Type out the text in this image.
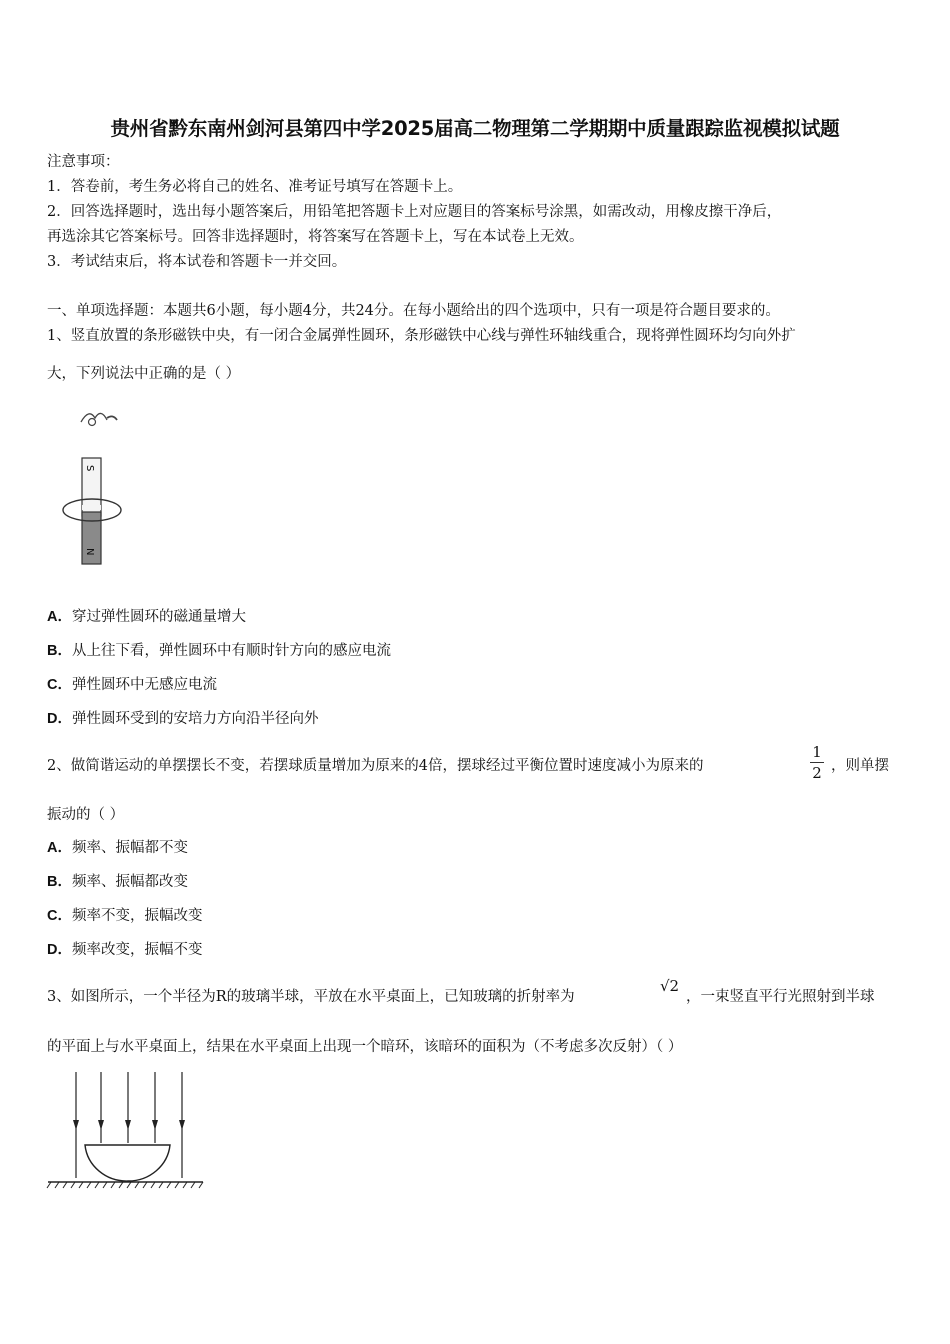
贵州省黔东南州剑河县第四中学2025届高二物理第二学期期中质量跟踪监视模拟试题
注意事项：
1．答卷前，考生务必将自己的姓名、准考证号填写在答题卡上。
2．回答选择题时，选出每小题答案后，用铅笔把答题卡上对应题目的答案标号涂黑，如需改动，用橡皮擦干净后，
再选涂其它答案标号。回答非选择题时，将答案写在答题卡上，写在本试卷上无效。
3．考试结束后，将本试卷和答题卡一并交回。
一、单项选择题：本题共6小题，每小题4分，共24分。在每小题给出的四个选项中，只有一项是符合题目要求的。
1、竖直放置的条形磁铁中央，有一闭合金属弹性圆环，条形磁铁中心线与弹性环轴线重合，现将弹性圆环均匀向外扩
大，下列说法中正确的是（ ）
S
N
A．穿过弹性圆环的磁通量增大
B．从上往下看，弹性圆环中有顺时针方向的感应电流
C．弹性圆环中无感应电流
D．弹性圆环受到的安培力方向沿半径向外
2、做简谐运动的单摆摆长不变，若摆球质量增加为原来的4倍，摆球经过平衡位置时速度减小为原来的
1
2 ，则单摆
振动的（ ）
A．频率、振幅都不变
B．频率、振幅都改变
C．频率不变，振幅改变
D．频率改变，振幅不变
3、如图所示，一个半径为R的玻璃半球，平放在水平桌面上，已知玻璃的折射率为
√2
，一束竖直平行光照射到半球
的平面上与水平桌面上，结果在水平桌面上出现一个暗环，该暗环的面积为（不考虑多次反射）（ ）
